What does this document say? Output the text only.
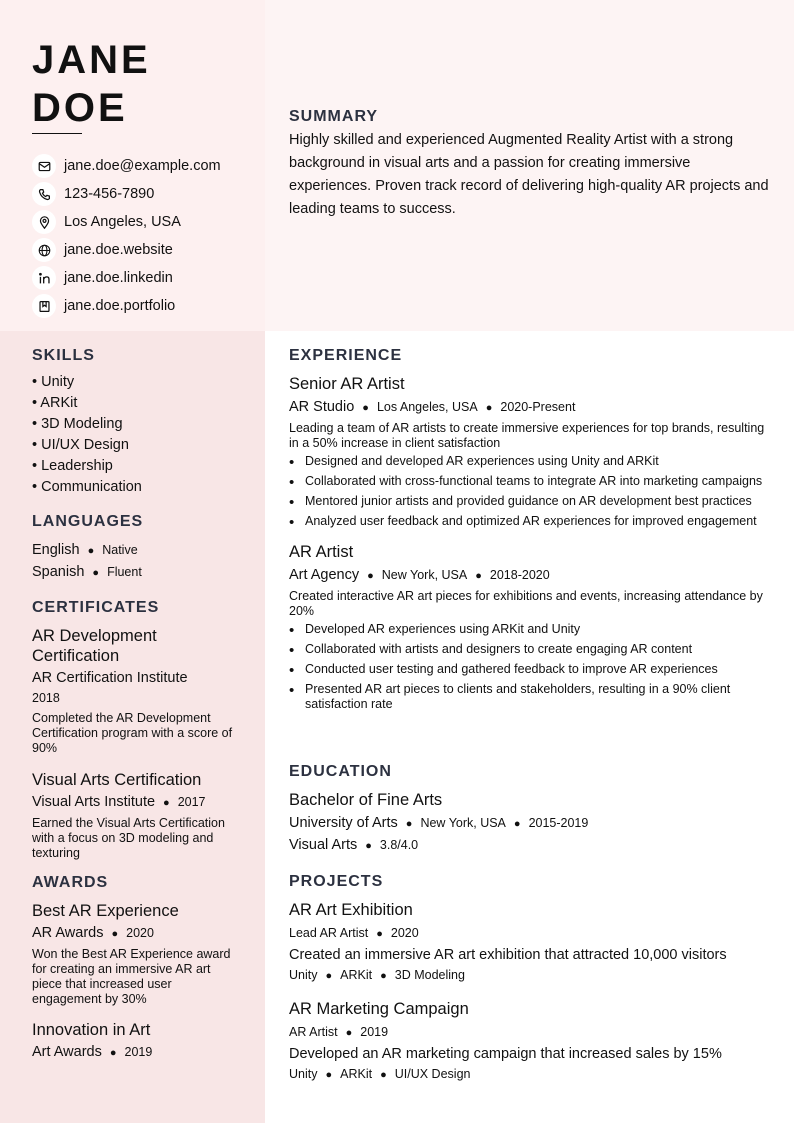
JANE
DOE
jane.doe@example.com
123-456-7890
Los Angeles, USA
jane.doe.website
jane.doe.linkedin
jane.doe.portfolio
SUMMARY
Highly skilled and experienced Augmented Reality Artist with a strong background in visual arts and a passion for creating immersive experiences. Proven track record of delivering high-quality AR projects and leading teams to success.
SKILLS
• Unity
• ARKit
• 3D Modeling
• UI/UX Design
• Leadership
• Communication
LANGUAGES
English ● Native
Spanish ● Fluent
CERTIFICATES
AR Development Certification
AR Certification Institute
2018
Completed the AR Development Certification program with a score of 90%
Visual Arts Certification
Visual Arts Institute ● 2017
Earned the Visual Arts Certification with a focus on 3D modeling and texturing
AWARDS
Best AR Experience
AR Awards ● 2020
Won the Best AR Experience award for creating an immersive AR art piece that increased user engagement by 30%
Innovation in Art
Art Awards ● 2019
EXPERIENCE
Senior AR Artist
AR Studio ● Los Angeles, USA ● 2020-Present
Leading a team of AR artists to create immersive experiences for top brands, resulting in a 50% increase in client satisfaction
• Designed and developed AR experiences using Unity and ARKit
• Collaborated with cross-functional teams to integrate AR into marketing campaigns
• Mentored junior artists and provided guidance on AR development best practices
• Analyzed user feedback and optimized AR experiences for improved engagement
AR Artist
Art Agency ● New York, USA ● 2018-2020
Created interactive AR art pieces for exhibitions and events, increasing attendance by 20%
• Developed AR experiences using ARKit and Unity
• Collaborated with artists and designers to create engaging AR content
• Conducted user testing and gathered feedback to improve AR experiences
• Presented AR art pieces to clients and stakeholders, resulting in a 90% client satisfaction rate
EDUCATION
Bachelor of Fine Arts
University of Arts ● New York, USA ● 2015-2019
Visual Arts ● 3.8/4.0
PROJECTS
AR Art Exhibition
Lead AR Artist ● 2020
Created an immersive AR art exhibition that attracted 10,000 visitors
Unity ● ARKit ● 3D Modeling
AR Marketing Campaign
AR Artist ● 2019
Developed an AR marketing campaign that increased sales by 15%
Unity ● ARKit ● UI/UX Design
